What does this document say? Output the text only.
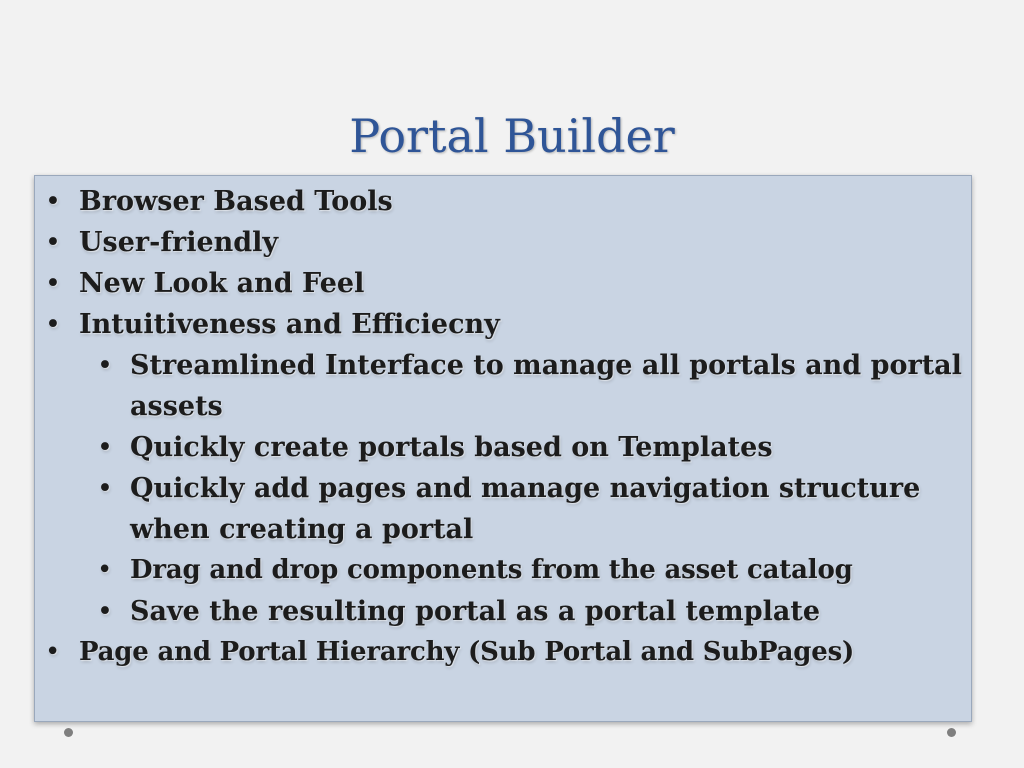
Portal Builder
• Browser Based Tools
• User-friendly
• New Look and Feel
• Intuitiveness and Efficiecny
• Streamlined Interface to manage all portals and portal assets
• Quickly create portals based on Templates
• Quickly add pages and manage navigation structure when creating a portal
• Drag and drop components from the asset catalog
• Save the resulting portal as a portal template
• Page and Portal Hierarchy (Sub Portal and SubPages)
